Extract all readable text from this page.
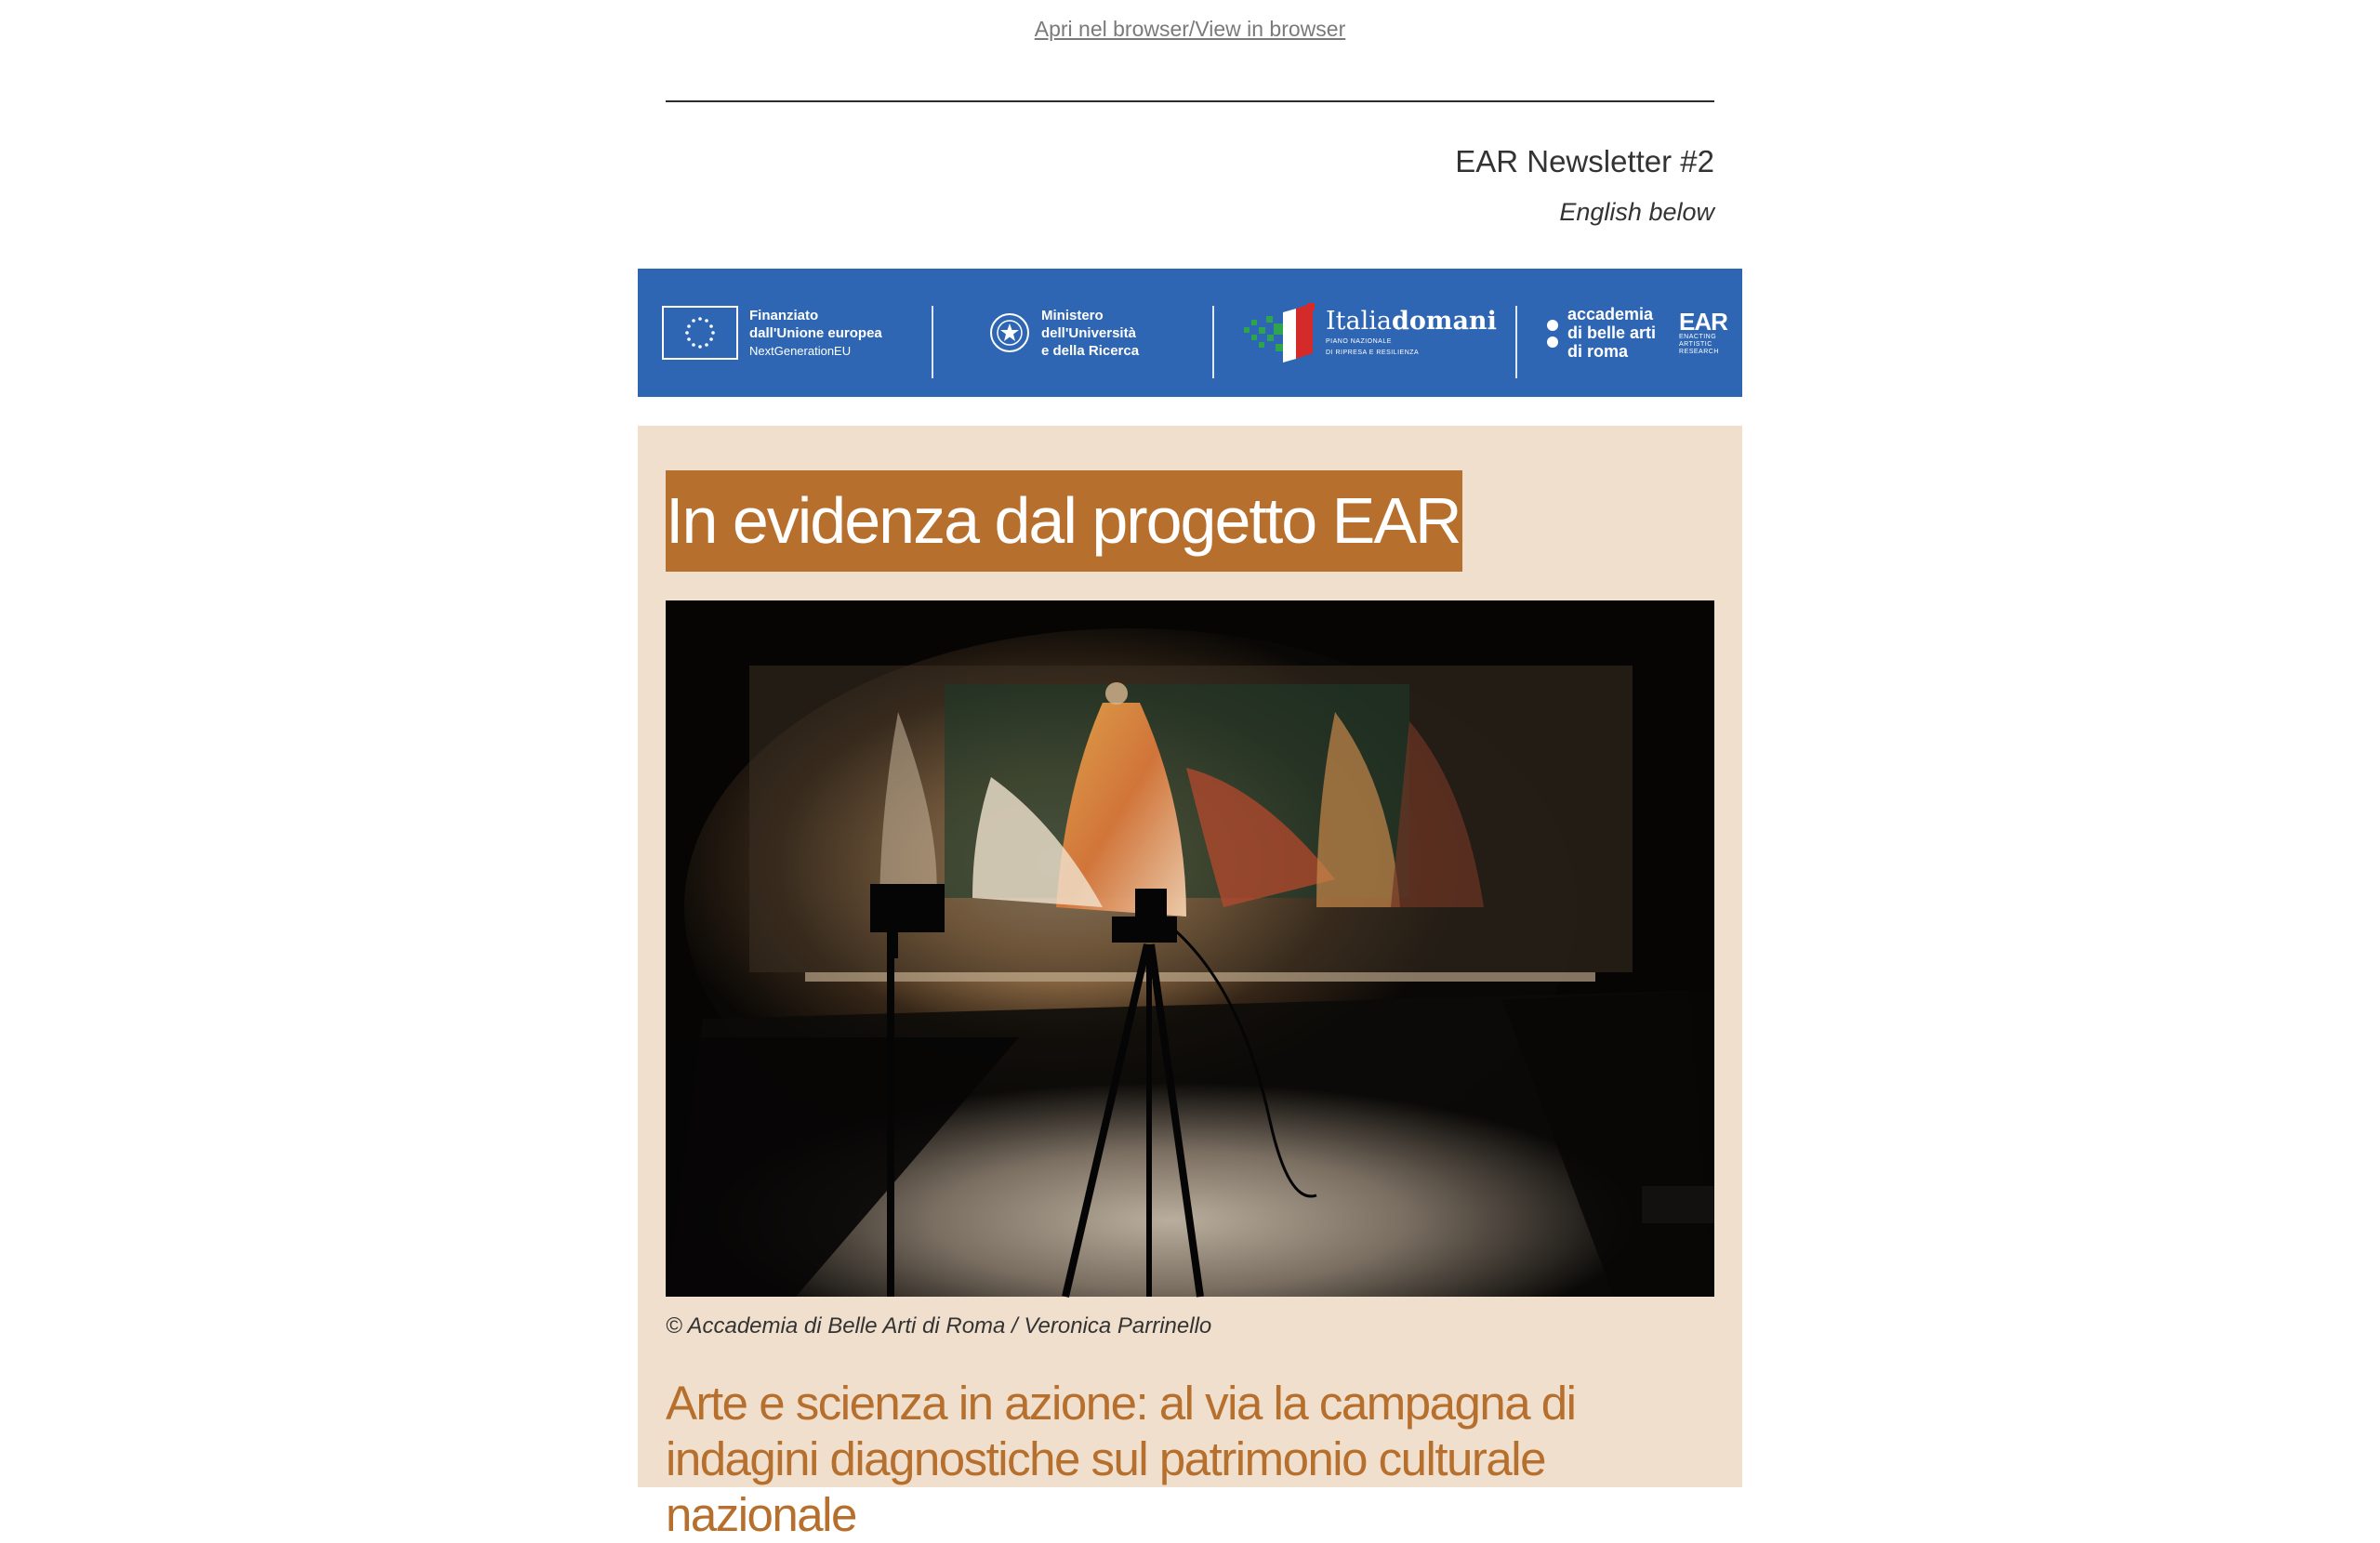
Apri nel browser/View in browser
EAR Newsletter #2
English below
Finanziato
dall'Unione europea
NextGenerationEU
Ministero
dell'Università
e della Ricerca
Italiadomani
PIANO NAZIONALE
DI RIPRESA E RESILIENZA
accademia
di belle arti
di roma
EAR
ENACTING
ARTISTIC
RESEARCH
In evidenza dal progetto EAR
© Accademia di Belle Arti di Roma / Veronica Parrinello
Arte e scienza in azione: al via la campagna di indagini diagnostiche sul patrimonio culturale nazionale
